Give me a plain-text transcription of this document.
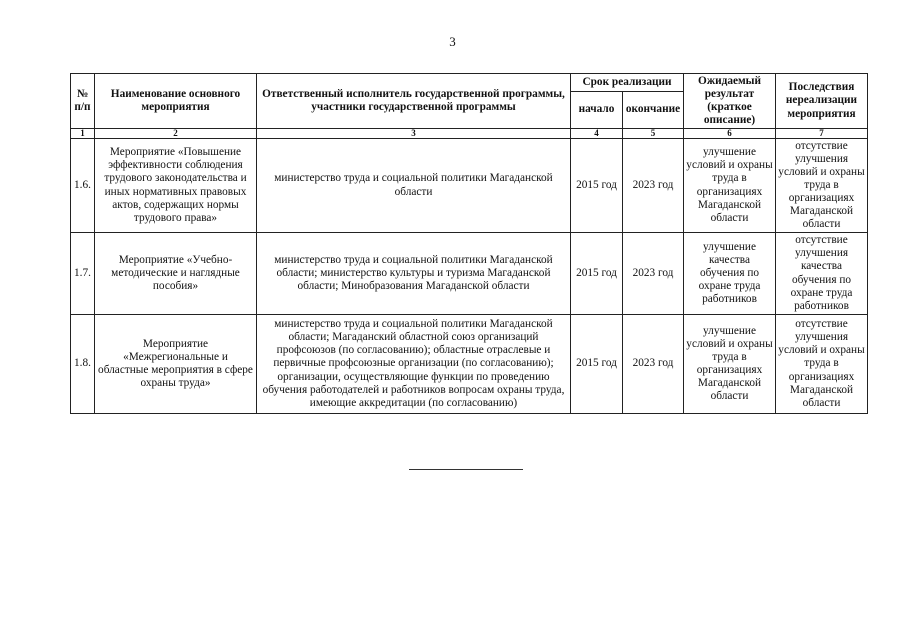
3
№ п/п	Наименование основного мероприятия	Ответственный исполнитель государственной программы, участники государственной программы	Срок реализации		Ожидаемый результат (краткое описание)	Последствия нереализации мероприятия
			начало	окончание		
1	2	3	4	5	6	7
1.6.	Мероприятие «Повышение эффективности соблюдения трудового законодательства и иных нормативных правовых актов, содержащих нормы трудового права»	министерство труда и социальной политики Магаданской области	2015 год	2023 год	улучшение условий и охраны труда в организациях Магаданской области	отсутствие улучшения условий и охраны труда в организациях Магаданской области
1.7.	Мероприятие «Учебно-методические и наглядные пособия»	министерство труда и социальной политики Магаданской области; министерство культуры и туризма Магаданской области; Минобразования Магаданской области	2015 год	2023 год	улучшение качества обучения по охране труда работников	отсутствие улучшения качества обучения по охране труда работников
1.8.	Мероприятие «Межрегиональные и областные мероприятия в сфере охраны труда»	министерство труда и социальной политики Магаданской области; Магаданский областной союз организаций профсоюзов (по согласованию); областные отраслевые и первичные профсоюзные организации (по согласованию); организации, осуществляющие функции по проведению обучения работодателей и работников вопросам охраны труда, имеющие аккредитации (по согласованию)	2015 год	2023 год	улучшение условий и охраны труда в организациях Магаданской области	отсутствие улучшения условий и охраны труда в организациях Магаданской области
